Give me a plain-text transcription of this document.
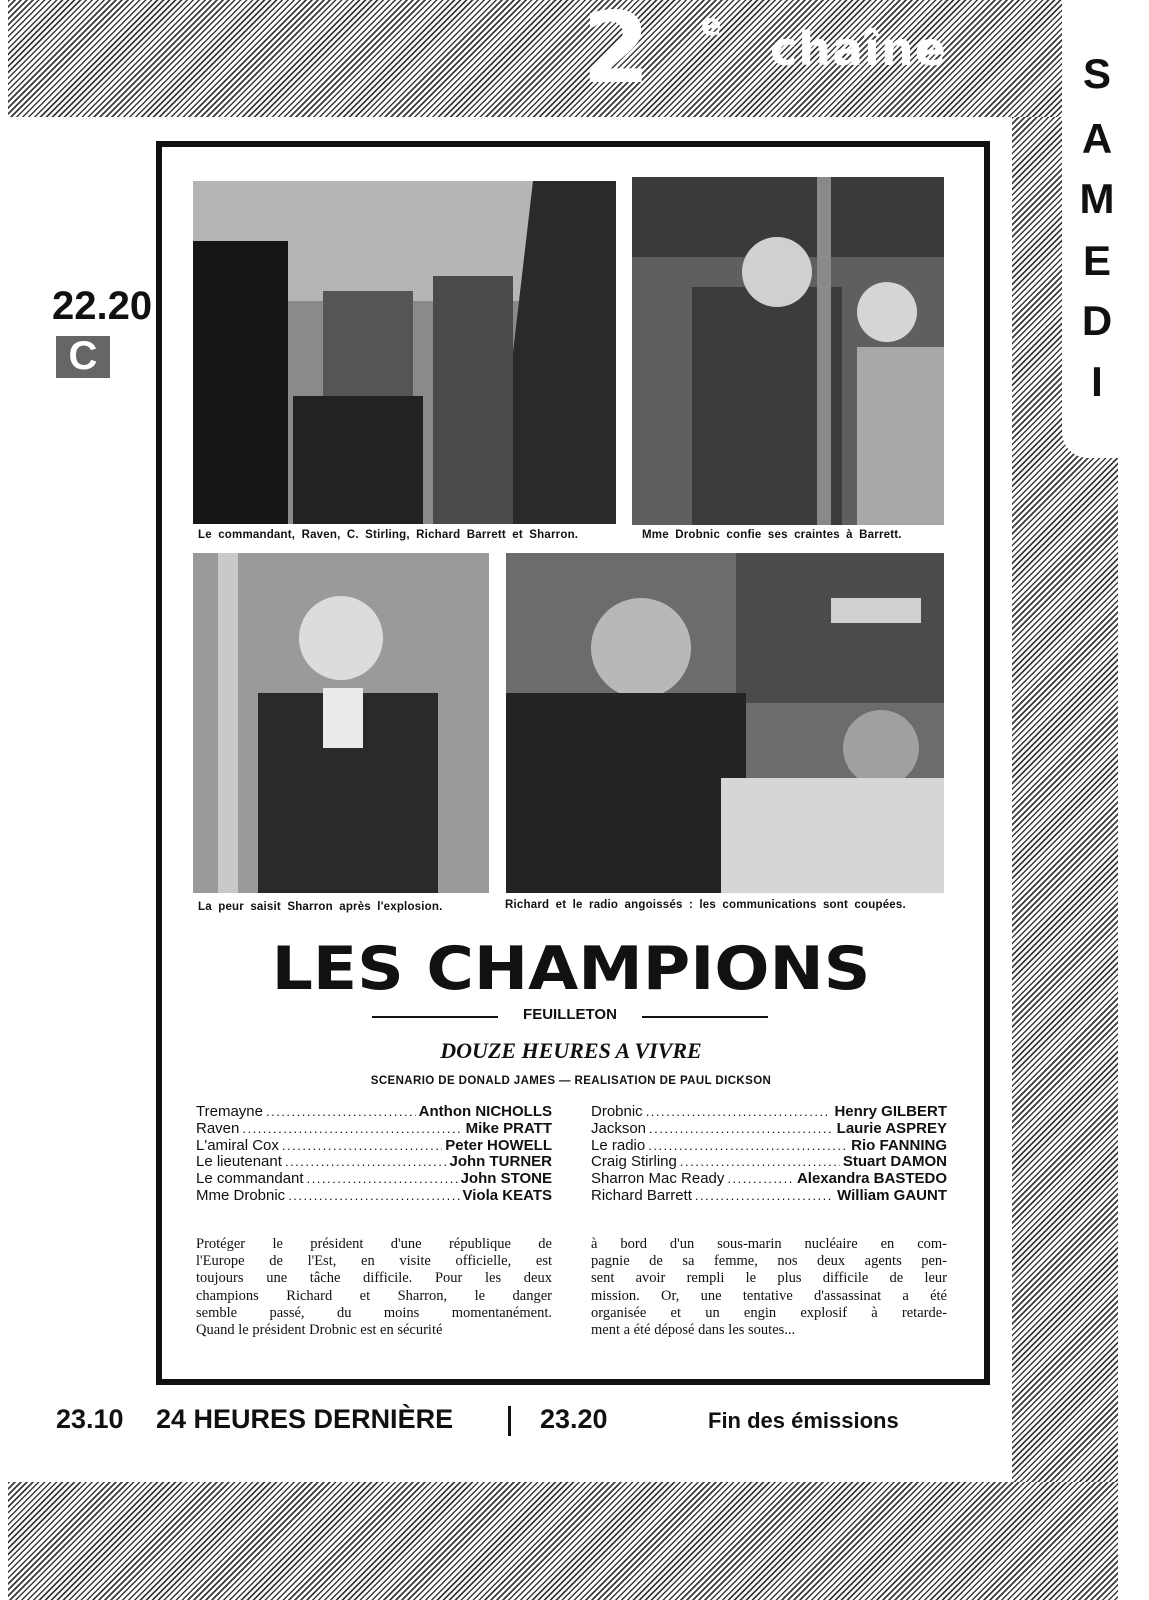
2 e chaîne	S
A
M
E
D
I
22.20
C
Le commandant, Raven, C. Stirling, Richard Barrett et Sharron.	Mme Drobnic confie ses craintes à Barrett.
La peur saisit Sharron après l'explosion.	Richard et le radio angoissés : les communications sont coupées.
LES CHAMPIONS
FEUILLETON
DOUZE HEURES A VIVRE
SCENARIO DE DONALD JAMES — REALISATION DE PAUL DICKSON
Tremayne .....	Anthon NICHOLLS
Raven .....	Mike PRATT
L'amiral Cox .....	Peter HOWELL
Le lieutenant .....	John TURNER
Le commandant .....	John STONE
Mme Drobnic .....	Viola KEATS
Drobnic .....	Henry GILBERT
Jackson .....	Laurie ASPREY
Le radio .....	Rio FANNING
Craig Stirling .....	Stuart DAMON
Sharron Mac Ready .....	Alexandra BASTEDO
Richard Barrett .....	William GAUNT
Protéger le président d'une république de
l'Europe de l'Est, en visite officielle, est
toujours une tâche difficile. Pour les deux
champions Richard et Sharron, le danger
semble passé, du moins momentanément.
Quand le président Drobnic est en sécurité
à bord d'un sous-marin nucléaire en com-
pagnie de sa femme, nos deux agents pen-
sent avoir rempli le plus difficile de leur
mission. Or, une tentative d'assassinat a été
organisée et un engin explosif à retarde-
ment a été déposé dans les soutes...
23.10 24 HEURES DERNIÈRE	23.20	Fin des émissions
